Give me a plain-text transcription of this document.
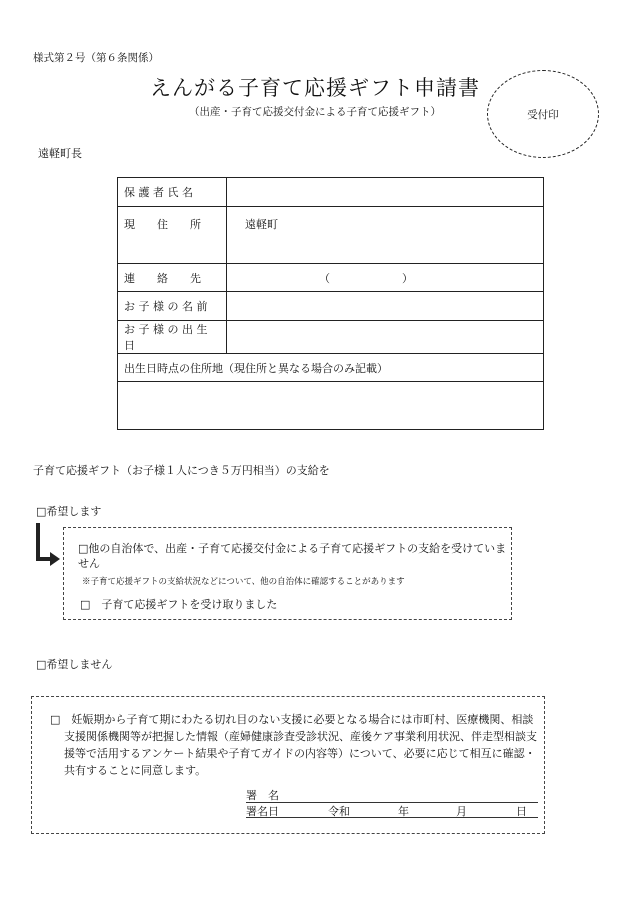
様式第２号（第６条関係）
えんがる子育て応援ギフト申請書
（出産・子育て応援交付金による子育て応援ギフト）	受付印
遠軽町長
保 護 者 氏 名	
現　　住　　所	遠軽町
連　　絡　　先	（ ）
お 子 様 の 名 前	
お 子 様 の 出 生 日	
出生日時点の住所地（現住所と異なる場合のみ記載）	

子育て応援ギフト（お子様１人につき５万円相当）の支給を
□希望します
□他の自治体で、出産・子育て応援交付金による子育て応援ギフトの支給を受けていません
※子育て応援ギフトの支給状況などについて、他の自治体に確認することがあります
□　子育て応援ギフトを受け取りました
□希望しません
□　妊娠期から子育て期にわたる切れ目のない支援に必要となる場合には市町村、医療機関、相談支援関係機関等が把握した情報（産婦健康診査受診状況、産後ケア事業利用状況、伴走型相談支援等で活用するアンケート結果や子育てガイドの内容等）について、必要に応じて相互に確認・共有することに同意します。
署　名
署名日	令和	年	月	日
